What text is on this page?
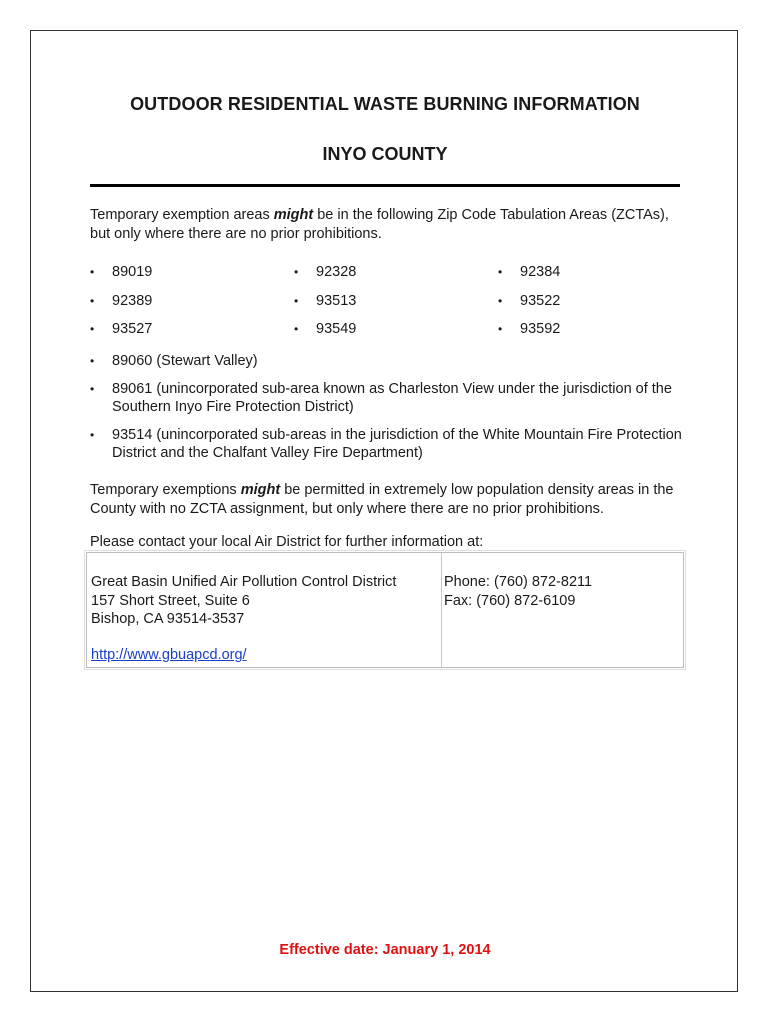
OUTDOOR RESIDENTIAL WASTE BURNING INFORMATION
INYO COUNTY
Temporary exemption areas might be in the following Zip Code Tabulation Areas (ZCTAs), but only where there are no prior prohibitions.
• 89019	• 92328	• 92384
• 92389	• 93513	• 93522
• 93527	• 93549	• 93592
• 89060 (Stewart Valley)
• 89061 (unincorporated sub-area known as Charleston View under the jurisdiction of the Southern Inyo Fire Protection District)
• 93514 (unincorporated sub-areas in the jurisdiction of the White Mountain Fire Protection District and the Chalfant Valley Fire Department)
Temporary exemptions might be permitted in extremely low population density areas in the County with no ZCTA assignment, but only where there are no prior prohibitions.
Please contact your local Air District for further information at:
Great Basin Unified Air Pollution Control District
157 Short Street, Suite 6
Bishop, CA 93514-3537
http://www.gbuapcd.org/
Phone: (760) 872-8211
Fax: (760) 872-6109
Effective date: January 1, 2014
